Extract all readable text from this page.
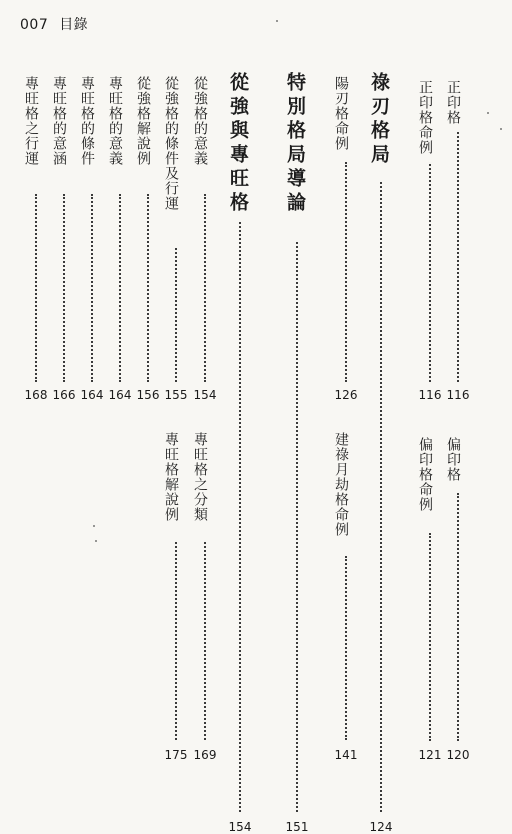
007 目錄
祿刃格局
124
特別格局導論
151
從強與專旺格
154
正印格
116
正印格命例
116
陽刃格命例
126
從強格的意義
154
從強格的條件及行運
155
從強格解說例
156
專旺格的意義
164
專旺格的條件
164
專旺格的意涵
166
專旺格之行運
168
偏印格
120
偏印格命例
121
建祿月劫格命例
141
專旺格之分類
169
專旺格解說例
175
